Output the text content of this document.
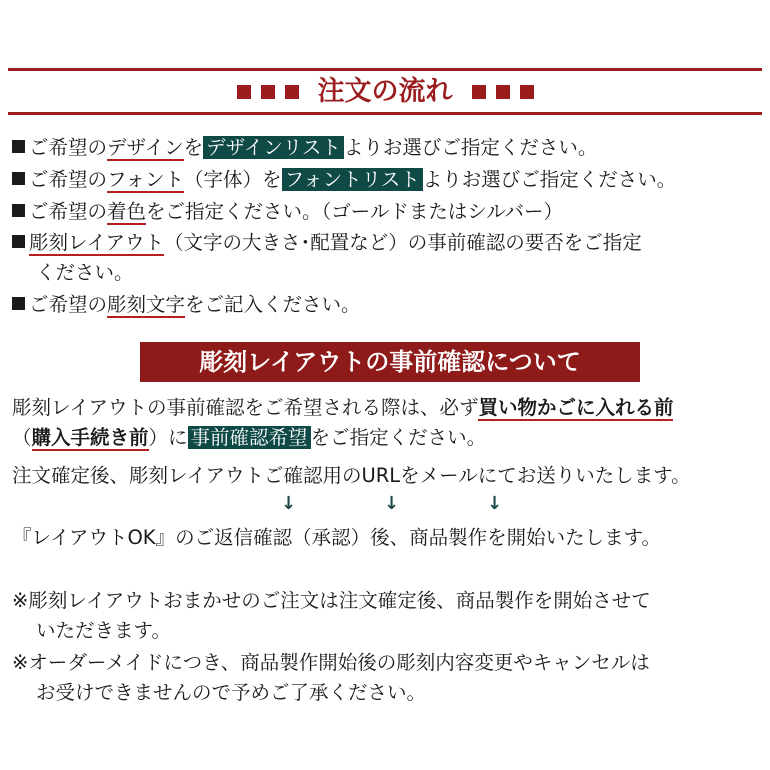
注文の流れ
ご希望のデザインを デザインリスト よりお選びご指定ください。
ご希望のフォント（字体）を フォントリスト よりお選びご指定ください。
ご希望の着色をご指定ください。（ゴールドまたはシルバー）
彫刻レイアウト（文字の大きさ･配置など）の事前確認の要否をご指定
ください。
ご希望の彫刻文字をご記入ください。
彫刻レイアウトの事前確認について
彫刻レイアウトの事前確認をご希望される際は、必ず買い物かごに入れる前
（購入手続き前）に 事前確認希望 をご指定ください。
注文確定後、彫刻レイアウトご確認用のURLをメールにてお送りいたします。
↓	↓	↓
『レイアウトOK』のご返信確認（承認）後、商品製作を開始いたします。
※彫刻レイアウトおまかせのご注文は注文確定後、商品製作を開始させて
いただきます。
※オーダーメイドにつき、商品製作開始後の彫刻内容変更やキャンセルは
お受けできませんので予めご了承ください。
